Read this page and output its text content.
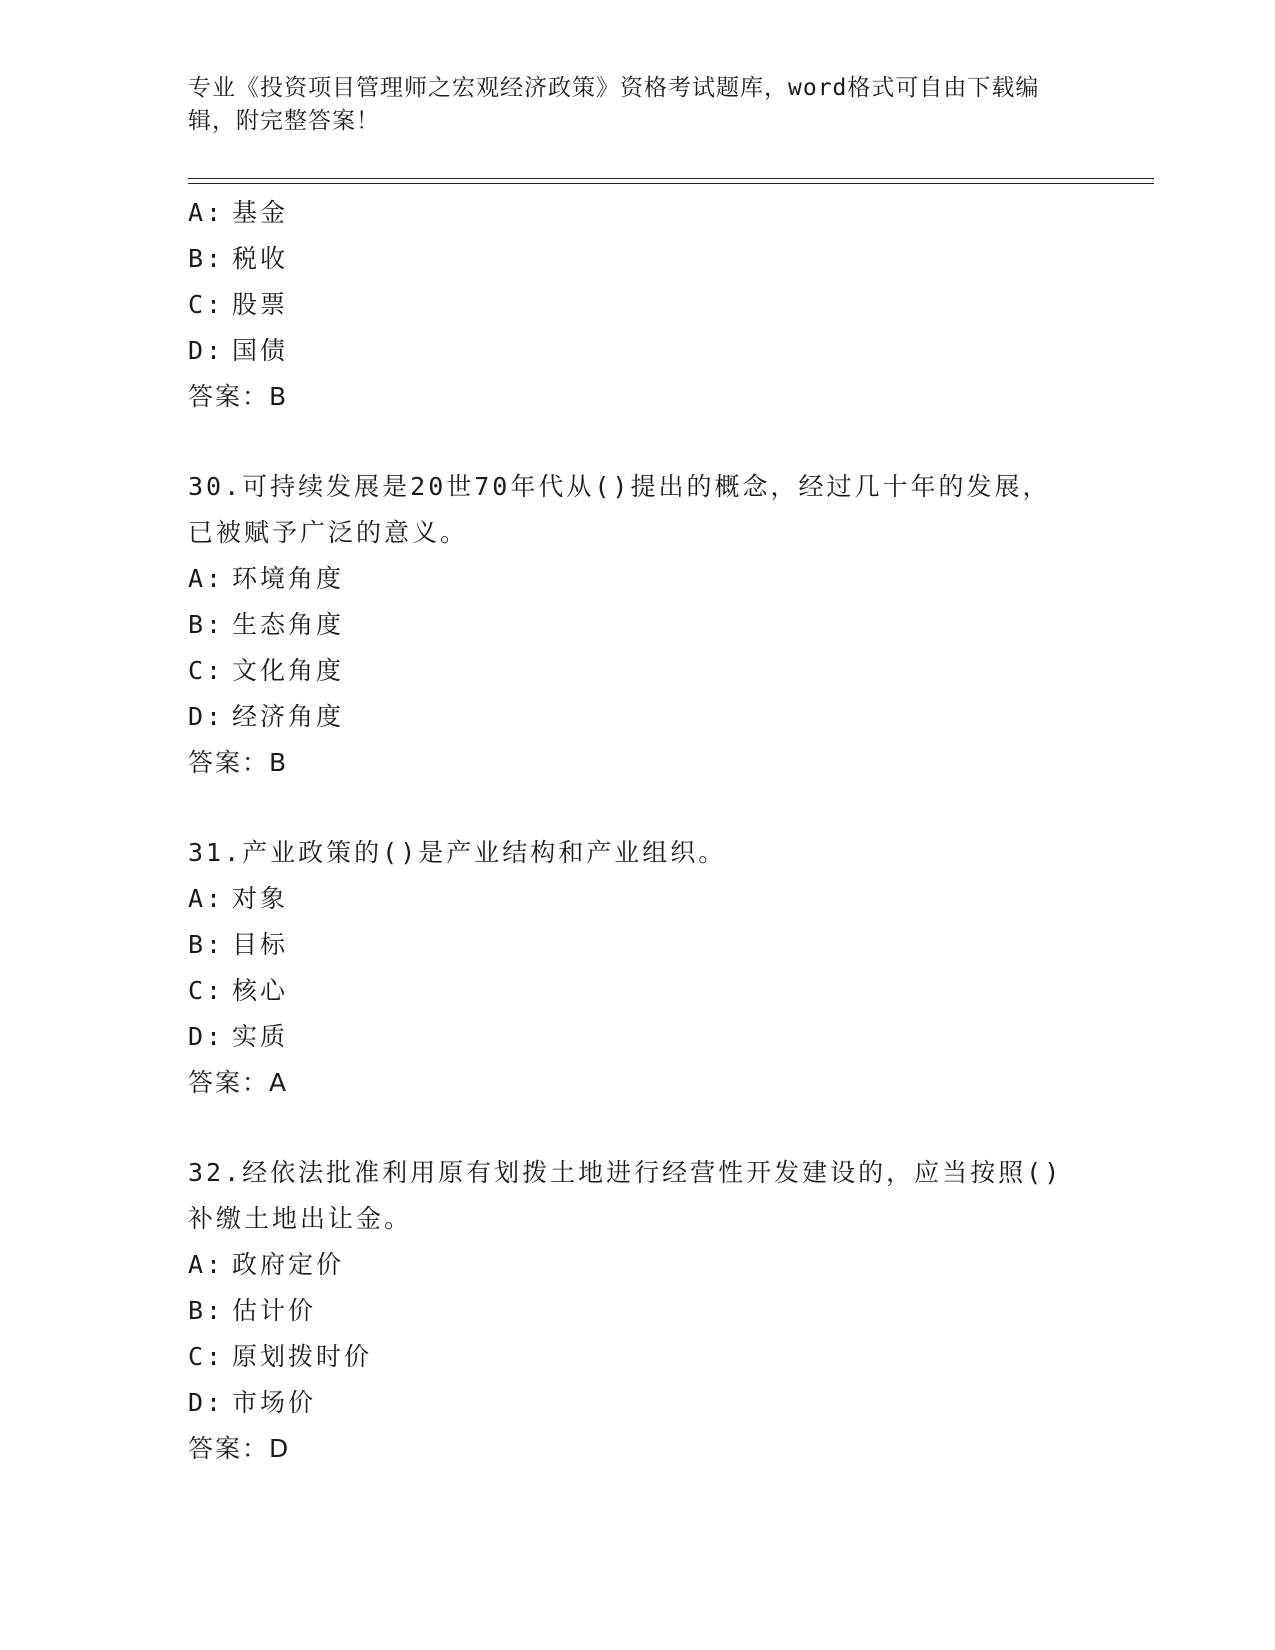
专业《投资项目管理师之宏观经济政策》资格考试题库，word格式可自由下载编
辑，附完整答案！
A: 基金
B: 税收
C: 股票
D: 国债
答案：B
30.可持续发展是20世70年代从()提出的概念，经过几十年的发展，
已被赋予广泛的意义。
A: 环境角度
B: 生态角度
C: 文化角度
D: 经济角度
答案：B
31.产业政策的()是产业结构和产业组织。
A: 对象
B: 目标
C: 核心
D: 实质
答案：A
32.经依法批准利用原有划拨土地进行经营性开发建设的，应当按照()
补缴土地出让金。
A: 政府定价
B: 估计价
C: 原划拨时价
D: 市场价
答案：D
